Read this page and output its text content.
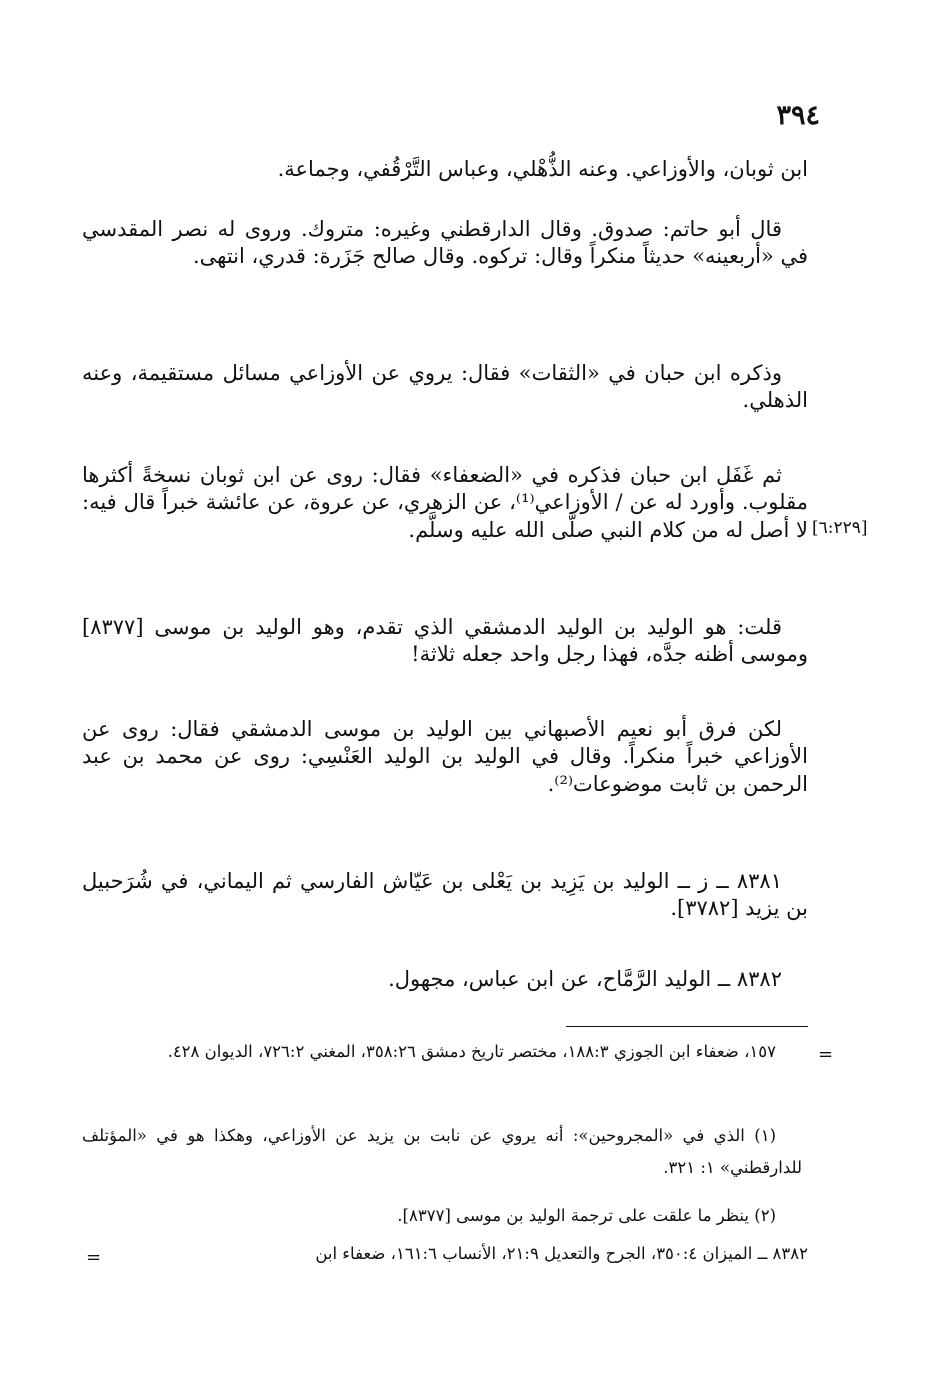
٣٩٤

ابن ثوبان، والأوزاعي. وعنه الذُّهْلي، وعباس التَّرْقُفي، وجماعة.

قال أبو حاتم: صدوق. وقال الدارقطني وغيره: متروك. وروى له نصر المقدسي في «أربعينه» حديثاً منكراً وقال: تركوه. وقال صالح جَزَرة: قدري، انتهى.

وذكره ابن حبان في «الثقات» فقال: يروي عن الأوزاعي مسائل مستقيمة، وعنه الذهلي.

ثم غَفَل ابن حبان فذكره في «الضعفاء» فقال: روى عن ابن ثوبان نسخةً أكثرها مقلوب. وأورد له عن / الأوزاعي⁽¹⁾، عن الزهري، عن عروة، عن عائشة خبراً قال فيه: لا أصل له من كلام النبي صلَّى الله عليه وسلَّم. [٦:٢٢٩]

قلت: هو الوليد بن الوليد الدمشقي الذي تقدم، وهو الوليد بن موسى [٨٣٧٧] وموسى أظنه جدَّه، فهذا رجل واحد جعله ثلاثة!

لكن فرق أبو نعيم الأصبهاني بين الوليد بن موسى الدمشقي فقال: روى عن الأوزاعي خبراً منكراً. وقال في الوليد بن الوليد العَنْسِي: روى عن محمد بن عبد الرحمن بن ثابت موضوعات⁽²⁾.

٨٣٨١ ــ ز ــ الوليد بن يَزِيد بن يَعْلى بن عَيّاش الفارسي ثم اليماني، في شُرَحبيل بن يزيد [٣٧٨٢].

٨٣٨٢ ــ الوليد الرَّمَّاح، عن ابن عباس، مجهول.

=

١٥٧، ضعفاء ابن الجوزي ١٨٨:٣، مختصر تاريخ دمشق ٣٥٨:٢٦، المغني ٧٢٦:٢، الديوان ٤٢٨.

(١) الذي في «المجروحين»: أنه يروي عن نابت بن يزيد عن الأوزاعي، وهكذا هو في «المؤتلف للدارقطني» ١: ٣٢١.

(٢) ينظر ما علقت على ترجمة الوليد بن موسى [٨٣٧٧].

٨٣٨٢ ــ الميزان ٣٥٠:٤، الجرح والتعديل ٢١:٩، الأنساب ١٦١:٦، ضعفاء ابن

=
